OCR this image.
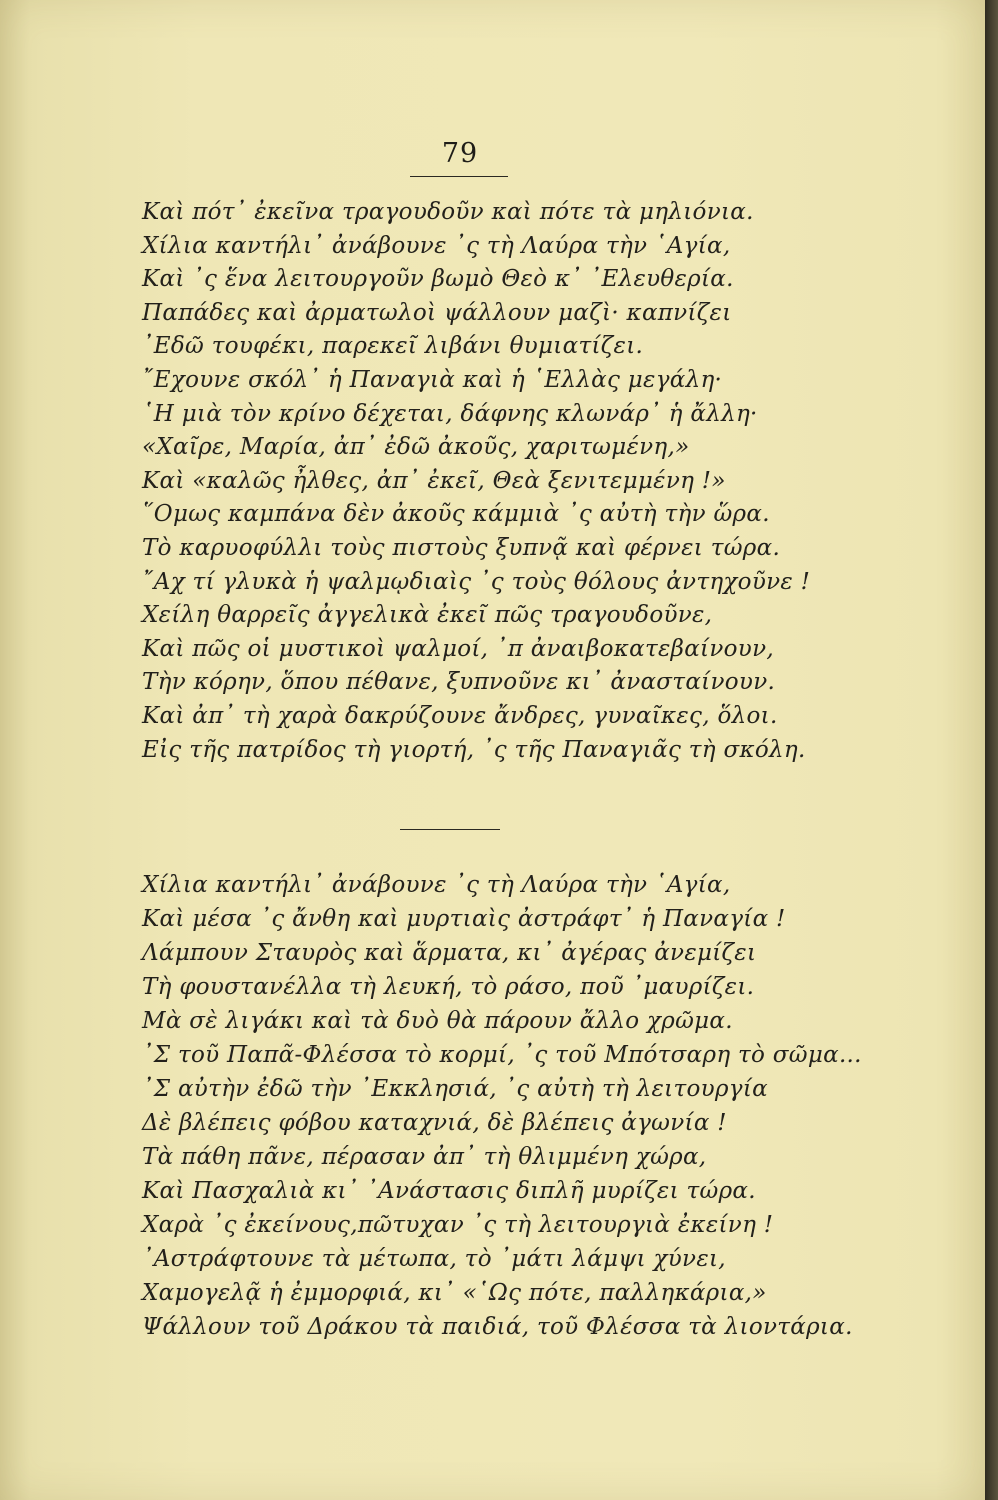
79
Καὶ πότ᾽ ἐκεῖνα τραγουδοῦν καὶ πότε τὰ μηλιόνια.
Χίλια καντήλι᾽ ἀνάβουνε ᾽ς τὴ Λαύρα τὴν ῾Αγία,
Καὶ ᾽ς ἕνα λειτουργοῦν βωμὸ Θεὸ κ᾽ ᾽Ελευθερία.
Παπάδες καὶ ἀρματωλοὶ ψάλλουν μαζὶ· καπνίζει
᾽Εδῶ τουφέκι, παρεκεῖ λιβάνι θυμιατίζει.
῎Εχουνε σκόλ᾽ ἡ Παναγιὰ καὶ ἡ ῾Ελλὰς μεγάλη·
῾Η μιὰ τὸν κρίνο δέχεται, δάφνης κλωνάρ᾽ ἡ ἄλλη·
«Χαῖρε, Μαρία, ἀπ᾽ ἐδῶ ἀκοῦς, χαριτωμένη,»
Καὶ «καλῶς ἦλθες, ἀπ᾽ ἐκεῖ, Θεὰ ξενιτεμμένη !»
῞Ομως καμπάνα δὲν ἀκοῦς κάμμιὰ ᾽ς αὐτὴ τὴν ὥρα.
Τὸ καρυοφύλλι τοὺς πιστοὺς ξυπνᾷ καὶ φέρνει τώρα.
῎Αχ τί γλυκὰ ἡ ψαλμῳδιαὶς ᾽ς τοὺς θόλους ἀντηχοῦνε !
Χείλη θαρρεῖς ἀγγελικὰ ἐκεῖ πῶς τραγουδοῦνε,
Καὶ πῶς οἱ μυστικοὶ ψαλμοί, ᾽π ἀναιβοκατεβαίνουν,
Τὴν κόρην, ὅπου πέθανε, ξυπνοῦνε κι᾽ ἀνασταίνουν.
Καὶ ἀπ᾽ τὴ χαρὰ δακρύζουνε ἄνδρες, γυναῖκες, ὅλοι.
Εἰς τῆς πατρίδος τὴ γιορτή, ᾽ς τῆς Παναγιᾶς τὴ σκόλη.
Χίλια καντήλι᾽ ἀνάβουνε ᾽ς τὴ Λαύρα τὴν ῾Αγία,
Καὶ μέσα ᾽ς ἄνθη καὶ μυρτιαὶς ἀστράφτ᾽ ἡ Παναγία !
Λάμπουν Σταυρὸς καὶ ἅρματα, κι᾽ ἀγέρας ἀνεμίζει
Τὴ φουστανέλλα τὴ λευκή, τὸ ράσο, ποῦ ᾽μαυρίζει.
Μὰ σὲ λιγάκι καὶ τὰ δυὸ θὰ πάρουν ἄλλο χρῶμα.
᾽Σ τοῦ Παπᾶ-Φλέσσα τὸ κορμί, ᾽ς τοῦ Μπότσαρη τὸ σῶμα...
᾽Σ αὐτὴν ἐδῶ τὴν ᾽Εκκλησιά, ᾽ς αὐτὴ τὴ λειτουργία
Δὲ βλέπεις φόβου καταχνιά, δὲ βλέπεις ἀγωνία !
Τὰ πάθη πᾶνε, πέρασαν ἀπ᾽ τὴ θλιμμένη χώρα,
Καὶ Πασχαλιὰ κι᾽ ᾽Ανάστασις διπλῆ μυρίζει τώρα.
Χαρὰ ᾽ς ἐκείνους,πῶτυχαν ᾽ς τὴ λειτουργιὰ ἐκείνη !
᾽Αστράφτουνε τὰ μέτωπα, τὸ ᾽μάτι λάμψι χύνει,
Χαμογελᾷ ἡ ἐμμορφιά, κι᾽ «῾Ως πότε, παλληκάρια,»
Ψάλλουν τοῦ Δράκου τὰ παιδιά, τοῦ Φλέσσα τὰ λιοντάρια.
